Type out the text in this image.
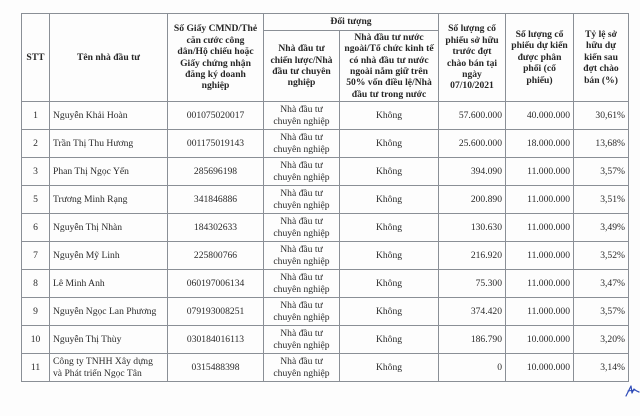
STT	Tên nhà đầu tư	Số Giấy CMND/Thẻ căn cước công dân/Hộ chiếu hoặc Giấy chứng nhận đăng ký doanh nghiệp	Đối tượng		Số lượng cổ phiếu sở hữu trước đợt chào bán tại ngày 07/10/2021	Số lượng cổ phiếu dự kiến được phân phối (cổ phiếu)	Tỷ lệ sở hữu dự kiến sau đợt chào bán (%)
			Nhà đầu tư chiến lược/Nhà đầu tư chuyên nghiệp	Nhà đầu tư nước ngoài/Tổ chức kinh tế có nhà đầu tư nước ngoài nắm giữ trên 50% vốn điều lệ/Nhà đầu tư trong nước			
1	Nguyễn Khải Hoàn	001075020017	Nhà đầu tư chuyên nghiệp	Không	57.600.000	40.000.000	30,61%
2	Trần Thị Thu Hương	001175019143	Nhà đầu tư chuyên nghiệp	Không	25.600.000	18.000.000	13,68%
3	Phan Thị Ngọc Yến	285696198	Nhà đầu tư chuyên nghiệp	Không	394.090	11.000.000	3,57%
5	Trương Minh Rạng	341846886	Nhà đầu tư chuyên nghiệp	Không	200.890	11.000.000	3,51%
6	Nguyễn Thị Nhàn	184302633	Nhà đầu tư chuyên nghiệp	Không	130.630	11.000.000	3,49%
7	Nguyễn Mỹ Linh	225800766	Nhà đầu tư chuyên nghiệp	Không	216.920	11.000.000	3,52%
8	Lê Minh Anh	060197006134	Nhà đầu tư chuyên nghiệp	Không	75.300	11.000.000	3,47%
9	Nguyễn Ngọc Lan Phương	079193008251	Nhà đầu tư chuyên nghiệp	Không	374.420	11.000.000	3,57%
10	Nguyễn Thị Thùy	030184016113	Nhà đầu tư chuyên nghiệp	Không	186.790	10.000.000	3,20%
11	Công ty TNHH Xây dựng và Phát triển Ngọc Tân	0315488398	Nhà đầu tư chuyên nghiệp	Không	0	10.000.000	3,14%
